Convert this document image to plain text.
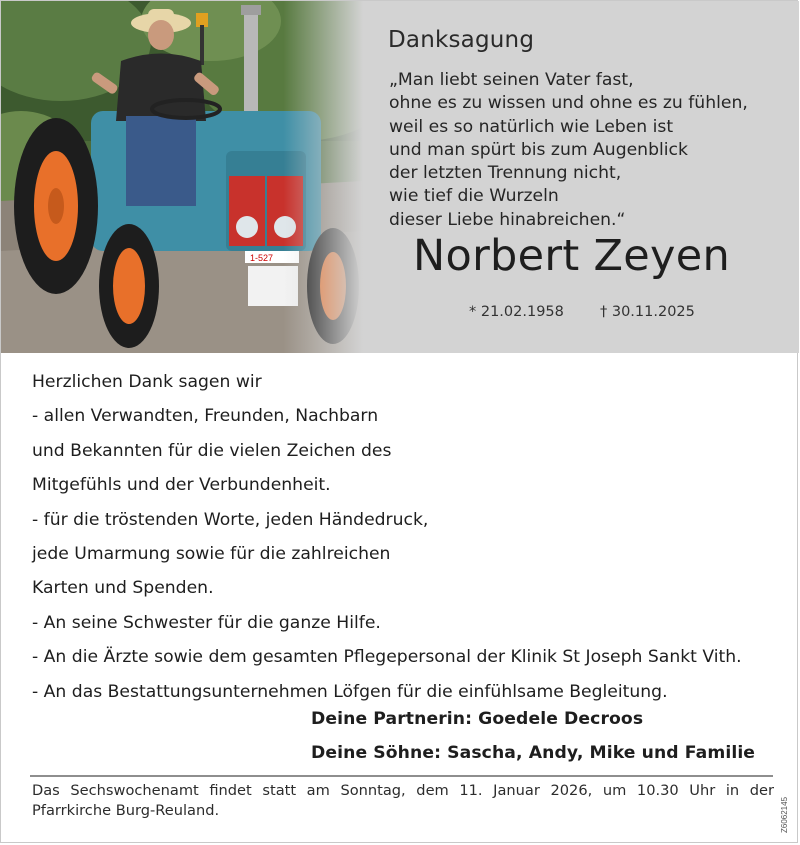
Danksagung
„Man liebt seinen Vater fast,
ohne es zu wissen und ohne es zu fühlen,
weil es so natürlich wie Leben ist
und man spürt bis zum Augenblick
der letzten Trennung nicht,
wie tief die Wurzeln
dieser Liebe hinabreichen.“
Norbert Zeyen
* 21.02.1958 † 30.11.2025
Herzlichen Dank sagen wir
- allen Verwandten, Freunden, Nachbarn
und Bekannten für die vielen Zeichen des
Mitgefühls und der Verbundenheit.
- für die tröstenden Worte, jeden Händedruck,
jede Umarmung sowie für die zahlreichen
Karten und Spenden.
- An seine Schwester für die ganze Hilfe.
- An die Ärzte sowie dem gesamten Pflegepersonal der Klinik St Joseph Sankt Vith.
- An das Bestattungsunternehmen Löfgen für die einfühlsame Begleitung.
Deine Partnerin: Goedele Decroos
Deine Söhne: Sascha, Andy, Mike und Familie
Das Sechswochenamt findet statt am Sonntag, dem 11. Januar 2026, um 10.30 Uhr in der Pfarrkirche Burg-Reuland.	Z6062145
